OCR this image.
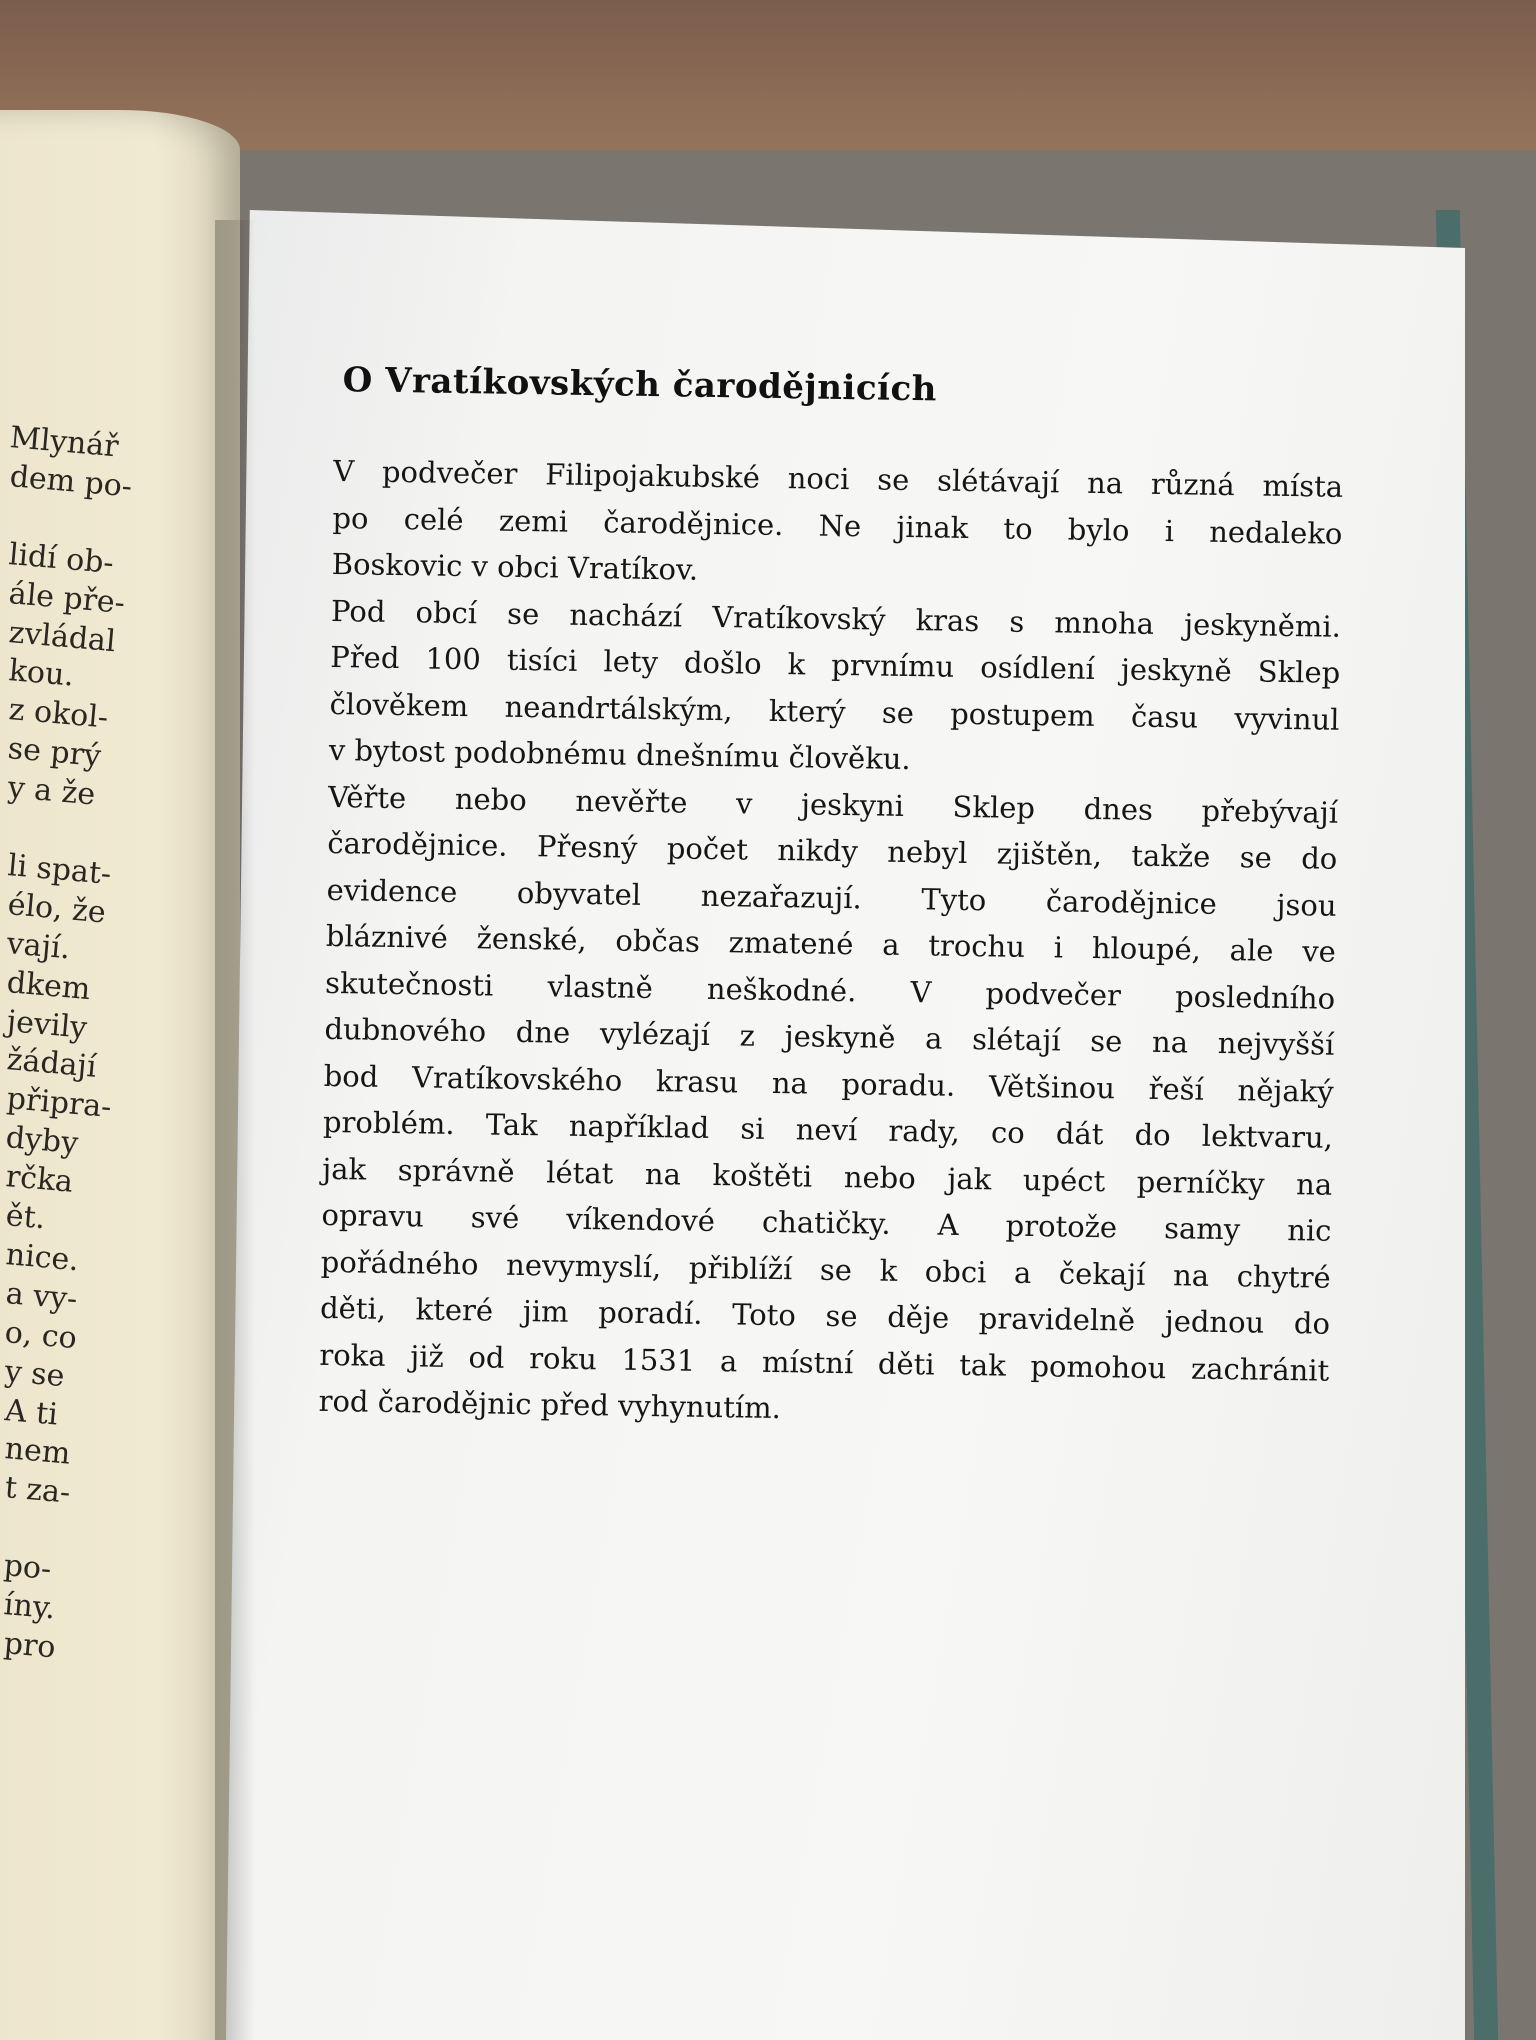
Mlynář

dem po-

lidí ob-

ále pře-

zvládal

kou.

z okol-

se prý

y a že

li spat-

élo, že

vají.

dkem

jevily

žádají

připra-

dyby

rčka

ět.

nice.

a vy-

o, co

y se

A ti

nem

t za-

po-

íny.

pro

O Vratíkovských čarodějnicích

V podvečer Filipojakubské noci se slétávají na různá místa

po celé zemi čarodějnice. Ne jinak to bylo i nedaleko

Boskovic v obci Vratíkov.

Pod obcí se nachází Vratíkovský kras s mnoha jeskyněmi.

Před 100 tisíci lety došlo k prvnímu osídlení jeskyně Sklep

člověkem neandrtálským, který se postupem času vyvinul

v bytost podobnému dnešnímu člověku.

Věřte nebo nevěřte v jeskyni Sklep dnes přebývají

čarodějnice. Přesný počet nikdy nebyl zjištěn, takže se do

evidence obyvatel nezařazují. Tyto čarodějnice jsou

bláznivé ženské, občas zmatené a trochu i hloupé, ale ve

skutečnosti vlastně neškodné. V podvečer posledního

dubnového dne vylézají z jeskyně a slétají se na nejvyšší

bod Vratíkovského krasu na poradu. Většinou řeší nějaký

problém. Tak například si neví rady, co dát do lektvaru,

jak správně létat na koštěti nebo jak upéct perníčky na

opravu své víkendové chatičky. A protože samy nic

pořádného nevymyslí, přiblíží se k obci a čekají na chytré

děti, které jim poradí. Toto se děje pravidelně jednou do

roka již od roku 1531 a místní děti tak pomohou zachránit

rod čarodějnic před vyhynutím.
